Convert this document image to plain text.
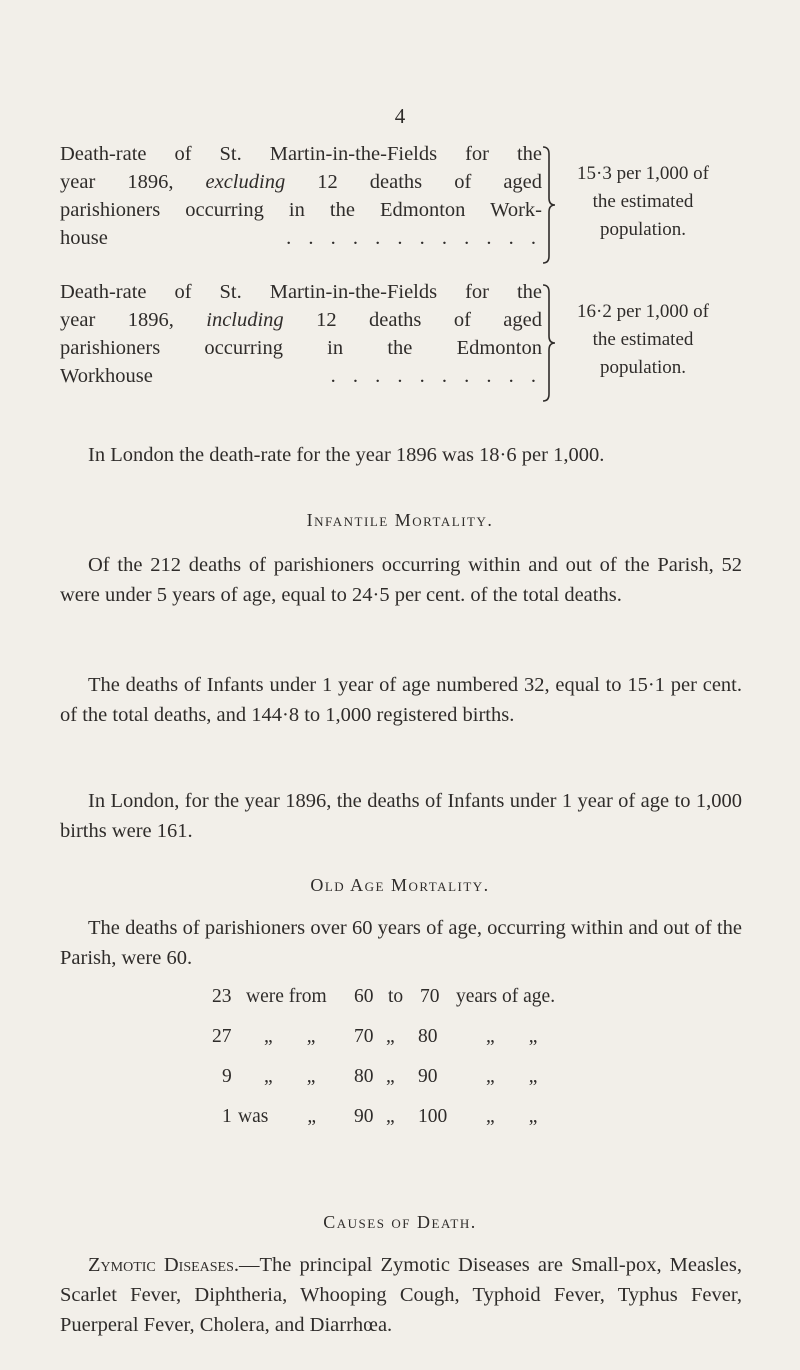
4

Death-rate of St. Martin-in-the-Fields for the

year 1896, excluding 12 deaths of aged

parishioners occurring in the Edmonton Work-

house	. . . . . . . . . . . .

15·3 per 1,000 of
the estimated
population.

Death-rate of St. Martin-in-the-Fields for the

year 1896, including 12 deaths of aged

parishioners occurring in the Edmonton

Workhouse	. . . . . . . . . .

16·2 per 1,000 of
the estimated
population.

In London the death-rate for the year 1896 was 18·6 per 1,000.

Infantile Mortality.

Of the 212 deaths of parishioners occurring within and out of the Parish, 52 were under 5 years of age, equal to 24·5 per cent. of the total deaths.

The deaths of Infants under 1 year of age numbered 32, equal to 15·1 per cent. of the total deaths, and 144·8 to 1,000 registered births.

In London, for the year 1896, the deaths of Infants under 1 year of age to 1,000 births were 161.

Old Age Mortality.

The deaths of parishioners over 60 years of age, occurring within and out of the Parish, were 60.

23 were from 60 to 70 years of age.
27 „       „ 70 „ 80 „       „
9 „       „ 80 „ 90 „       „
1 was        „ 90 „ 100 „       „
Causes of Death.

Zymotic Diseases.—The principal Zymotic Diseases are Small-pox, Measles, Scarlet Fever, Diphtheria, Whooping Cough, Typhoid Fever, Typhus Fever, Puerperal Fever, Cholera, and Diarrhœa.
